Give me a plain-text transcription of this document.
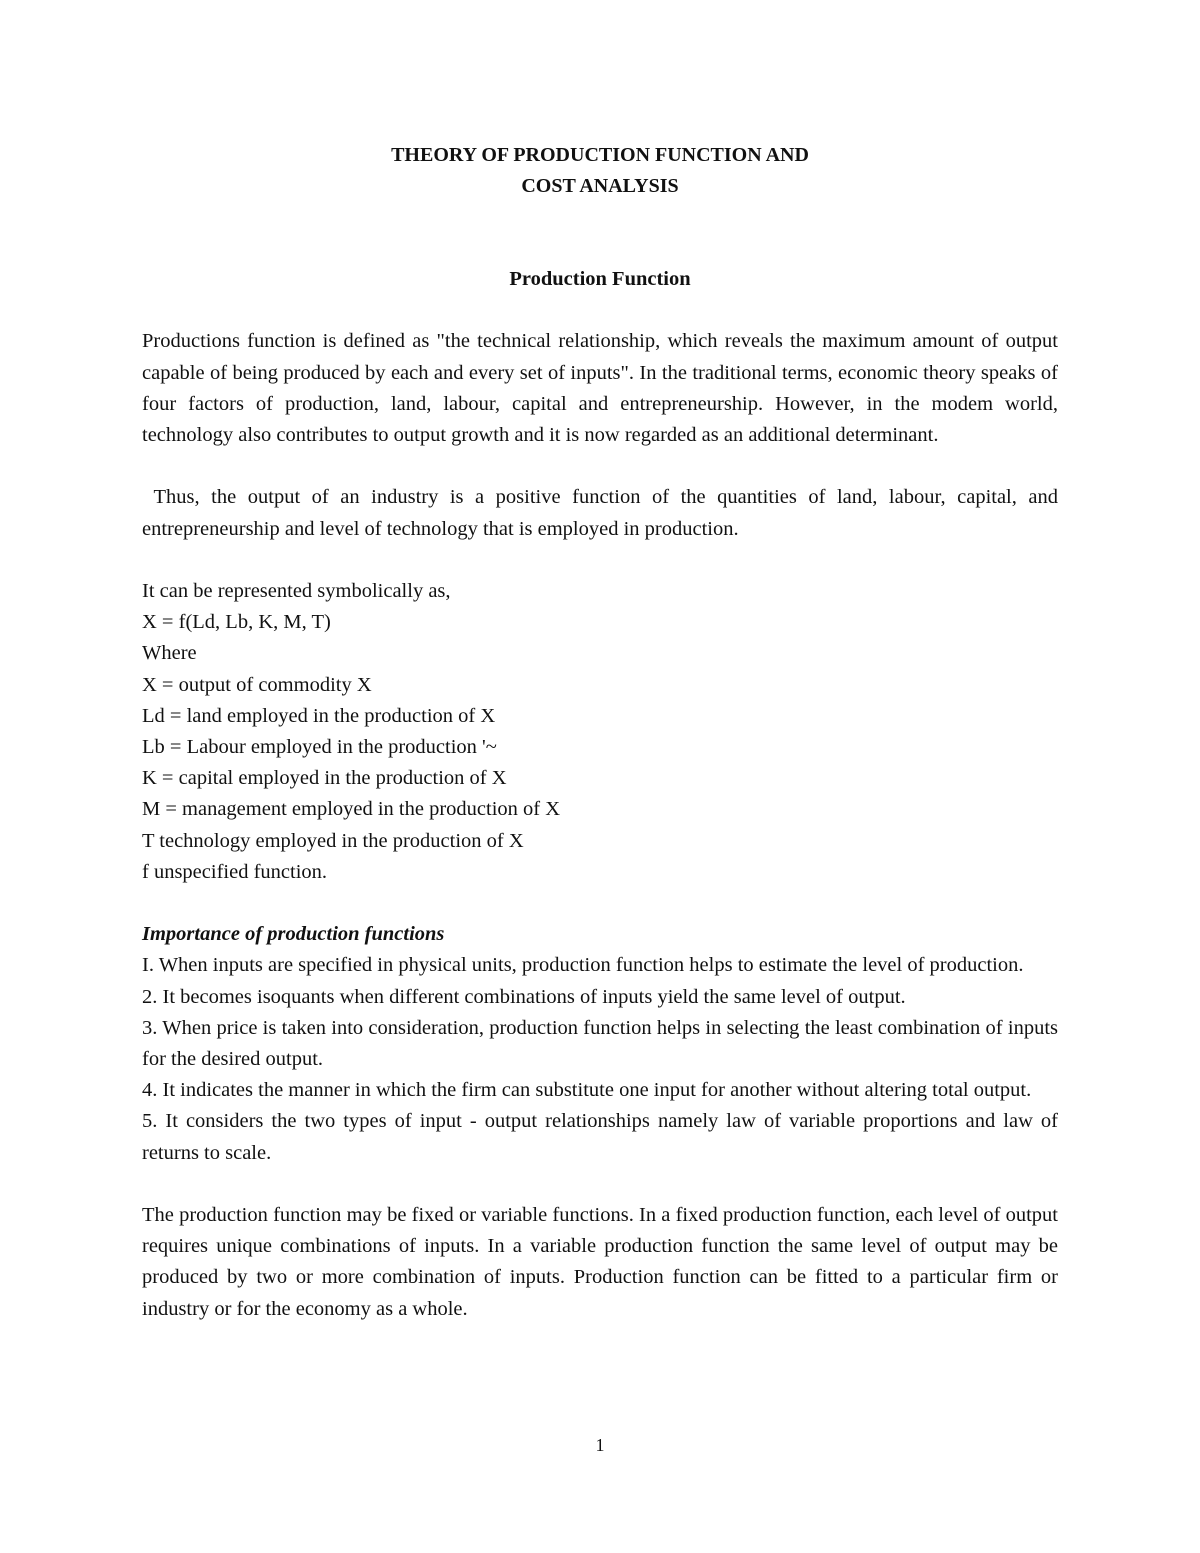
THEORY OF PRODUCTION FUNCTION AND

COST ANALYSIS

Production Function

Productions function is defined as "the technical relationship, which reveals the maximum amount of output capable of being produced by each and every set of inputs". In the traditional terms, economic theory speaks of four factors of production, land, labour, capital and entrepreneurship. However, in the modem world, technology also contributes to output growth and it is now regarded as an additional determinant.

Thus, the output of an industry is a positive function of the quantities of land, labour, capital, and entrepreneurship and level of technology that is employed in production.

It can be represented symbolically as,

X = f(Ld, Lb, K, M, T)

Where

X = output of commodity X

Ld = land employed in the production of X

Lb = Labour employed in the production '~

K = capital employed in the production of X

M = management employed in the production of X

T technology employed in the production of X

f unspecified function.

Importance of production functions

I. When inputs are specified in physical units, production function helps to estimate the level of production.

2. It becomes isoquants when different combinations of inputs yield the same level of output.

3. When price is taken into consideration, production function helps in selecting the least combination of inputs for the desired output.

4. It indicates the manner in which the firm can substitute one input for another without altering total output.

5. It considers the two types of input - output relationships namely law of variable proportions and law of returns to scale.

The production function may be fixed or variable functions. In a fixed production function, each level of output requires unique combinations of inputs. In a variable production function the same level of output may be produced by two or more combination of inputs. Production function can be fitted to a particular firm or industry or for the economy as a whole.

1
